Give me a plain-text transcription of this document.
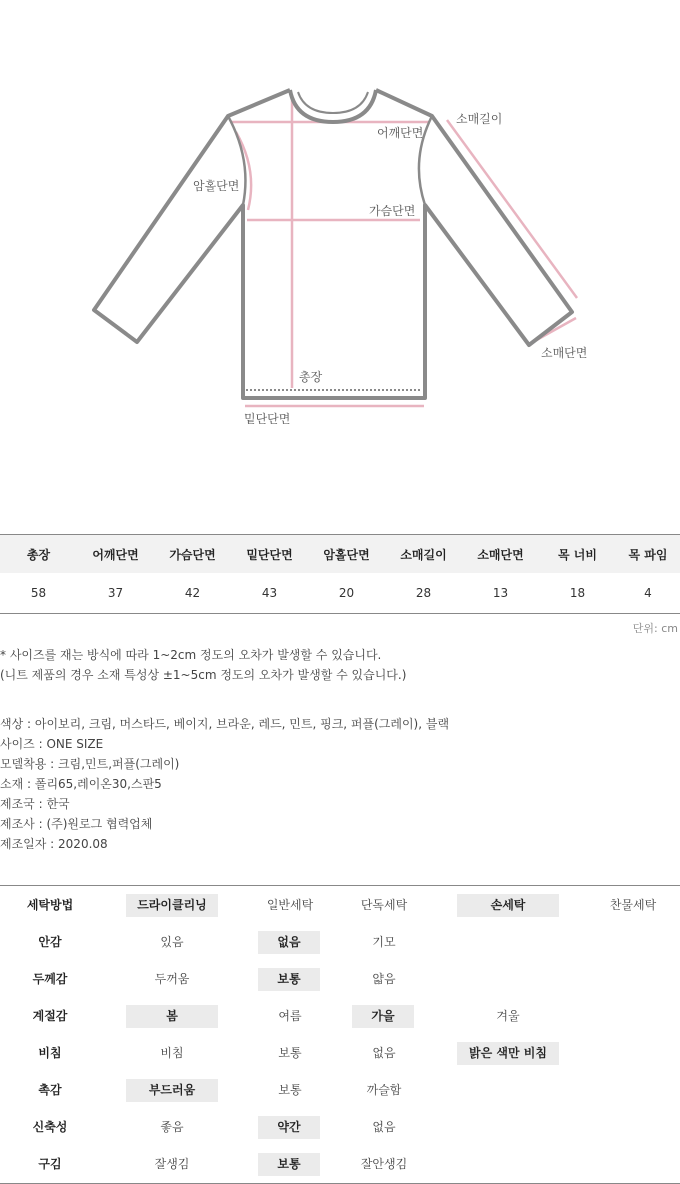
소매길이
어깨단면
암홀단면
가슴단면
소매단면
총장
밑단단면
총장	어깨단면	가슴단면	밑단단면	암홀단면	소매길이	소매단면	목 너비	목 파임
58	37	42	43	20	28	13	18	4
단위: cm
* 사이즈를 재는 방식에 따라 1~2cm 정도의 오차가 발생할 수 있습니다.
(니트 제품의 경우 소재 특성상 ±1~5cm 정도의 오차가 발생할 수 있습니다.)
색상 : 아이보리, 크림, 머스타드, 베이지, 브라운, 레드, 민트, 핑크, 퍼플(그레이), 블랙
사이즈 : ONE SIZE
모델착용 : 크림,민트,퍼플(그레이)
소재 : 폴리65,레이온30,스판5
제조국 : 한국
제조사 : (주)원로그 협력업체
제조일자 : 2020.08
세탁방법	드라이클리닝	일반세탁	단독세탁	손세탁	찬물세탁
안감	있음	없음	기모
두께감	두꺼움	보통	얇음
계절감	봄	여름	가을	겨울
비침	비침	보통	없음	밝은 색만 비침
촉감	부드러움	보통	까슬함
신축성	좋음	약간	없음
구김	잘생김	보통	잘안생김
